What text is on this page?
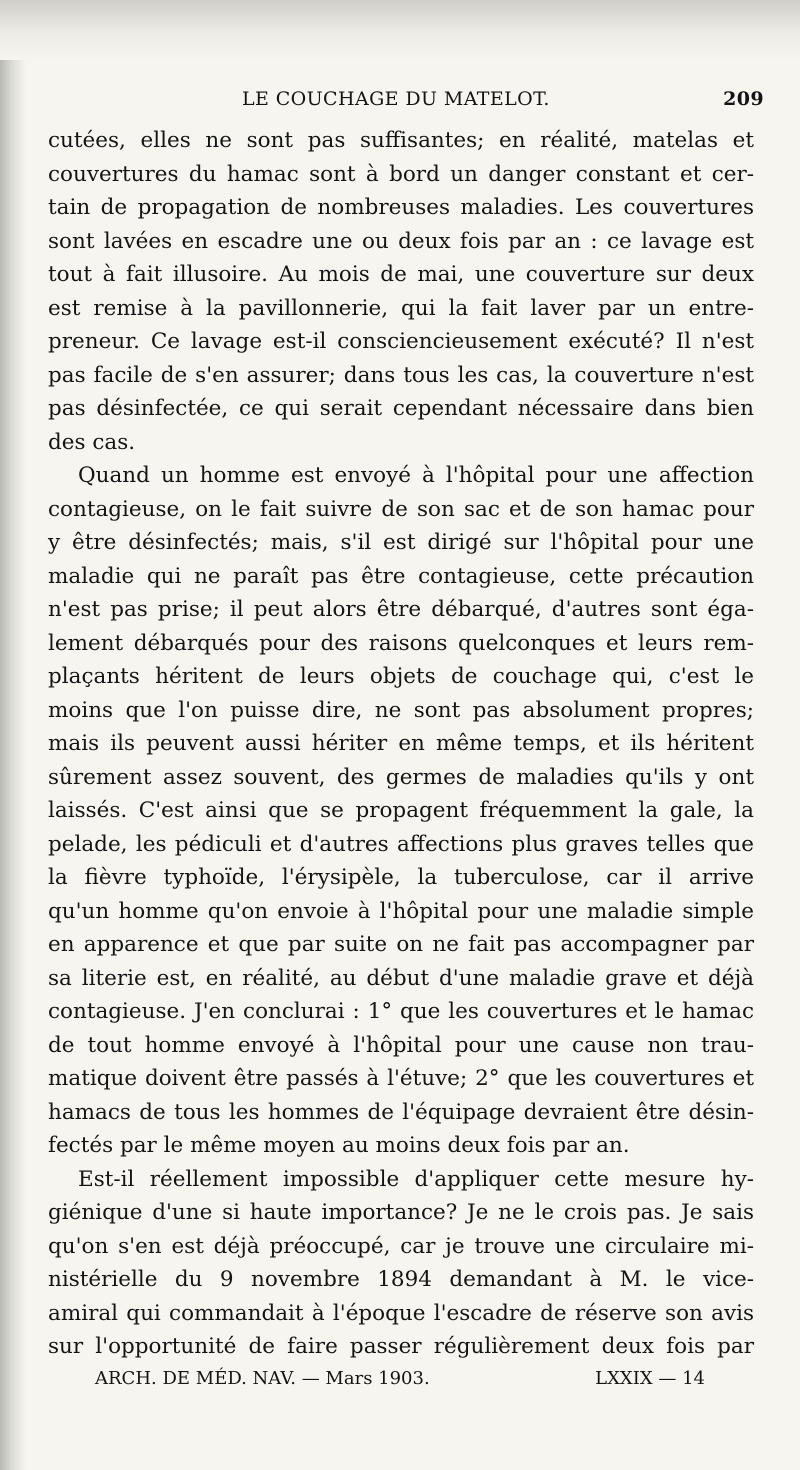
LE COUCHAGE DU MATELOT.	209
cutées, elles ne sont pas suffisantes; en réalité, matelas et
couvertures du hamac sont à bord un danger constant et cer-
tain de propagation de nombreuses maladies. Les couvertures
sont lavées en escadre une ou deux fois par an : ce lavage est
tout à fait illusoire. Au mois de mai, une couverture sur deux
est remise à la pavillonnerie, qui la fait laver par un entre-
preneur. Ce lavage est-il consciencieusement exécuté? Il n'est
pas facile de s'en assurer; dans tous les cas, la couverture n'est
pas désinfectée, ce qui serait cependant nécessaire dans bien
des cas.
Quand un homme est envoyé à l'hôpital pour une affection
contagieuse, on le fait suivre de son sac et de son hamac pour
y être désinfectés; mais, s'il est dirigé sur l'hôpital pour une
maladie qui ne paraît pas être contagieuse, cette précaution
n'est pas prise; il peut alors être débarqué, d'autres sont éga-
lement débarqués pour des raisons quelconques et leurs rem-
plaçants héritent de leurs objets de couchage qui, c'est le
moins que l'on puisse dire, ne sont pas absolument propres;
mais ils peuvent aussi hériter en même temps, et ils héritent
sûrement assez souvent, des germes de maladies qu'ils y ont
laissés. C'est ainsi que se propagent fréquemment la gale, la
pelade, les pédiculi et d'autres affections plus graves telles que
la fièvre typhoïde, l'érysipèle, la tuberculose, car il arrive
qu'un homme qu'on envoie à l'hôpital pour une maladie simple
en apparence et que par suite on ne fait pas accompagner par
sa literie est, en réalité, au début d'une maladie grave et déjà
contagieuse. J'en conclurai : 1° que les couvertures et le hamac
de tout homme envoyé à l'hôpital pour une cause non trau-
matique doivent être passés à l'étuve; 2° que les couvertures et
hamacs de tous les hommes de l'équipage devraient être désin-
fectés par le même moyen au moins deux fois par an.
Est-il réellement impossible d'appliquer cette mesure hy-
giénique d'une si haute importance? Je ne le crois pas. Je sais
qu'on s'en est déjà préoccupé, car je trouve une circulaire mi-
nistérielle du 9 novembre 1894 demandant à M. le vice-
amiral qui commandait à l'époque l'escadre de réserve son avis
sur l'opportunité de faire passer régulièrement deux fois par
ARCH. DE MÉD. NAV. — Mars 1903.	LXXIX — 14
